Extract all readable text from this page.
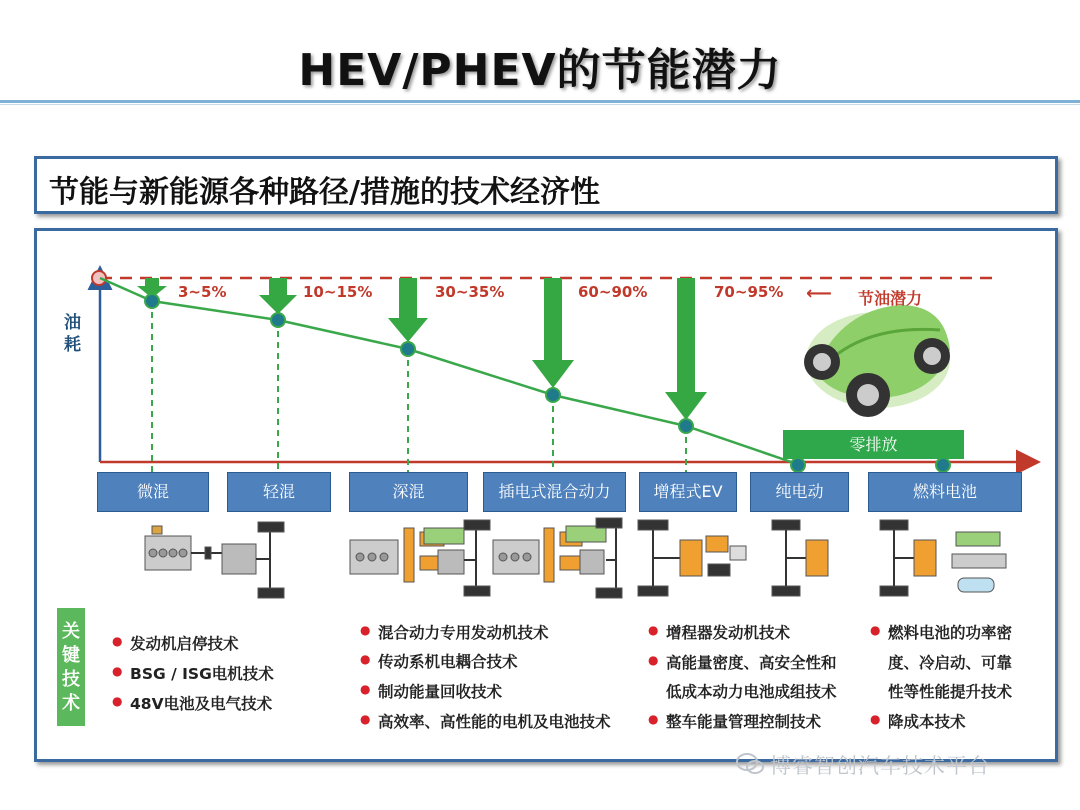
HEV/PHEV的节能潜力
节能与新能源各种路径/措施的技术经济性
油
耗
3~5%	10~15%	30~35%	60~90%	70~95% ⟵ 节油潜力
零排放
微混	轻混	深混	插电式混合动力	增程式EV	纯电动	燃料电池
关
键
技
术
● 发动机启停技术
● BSG / ISG电机技术
● 48V电池及电气技术
● 混合动力专用发动机技术
● 传动系机电耦合技术
● 制动能量回收技术
● 高效率、高性能的电机及电池技术
● 增程器发动机技术
● 高能量密度、高安全性和
低成本动力电池成组技术
● 整车能量管理控制技术
● 燃料电池的功率密
度、冷启动、可靠
性等性能提升技术
● 降成本技术
博睿智创汽车技术平台
